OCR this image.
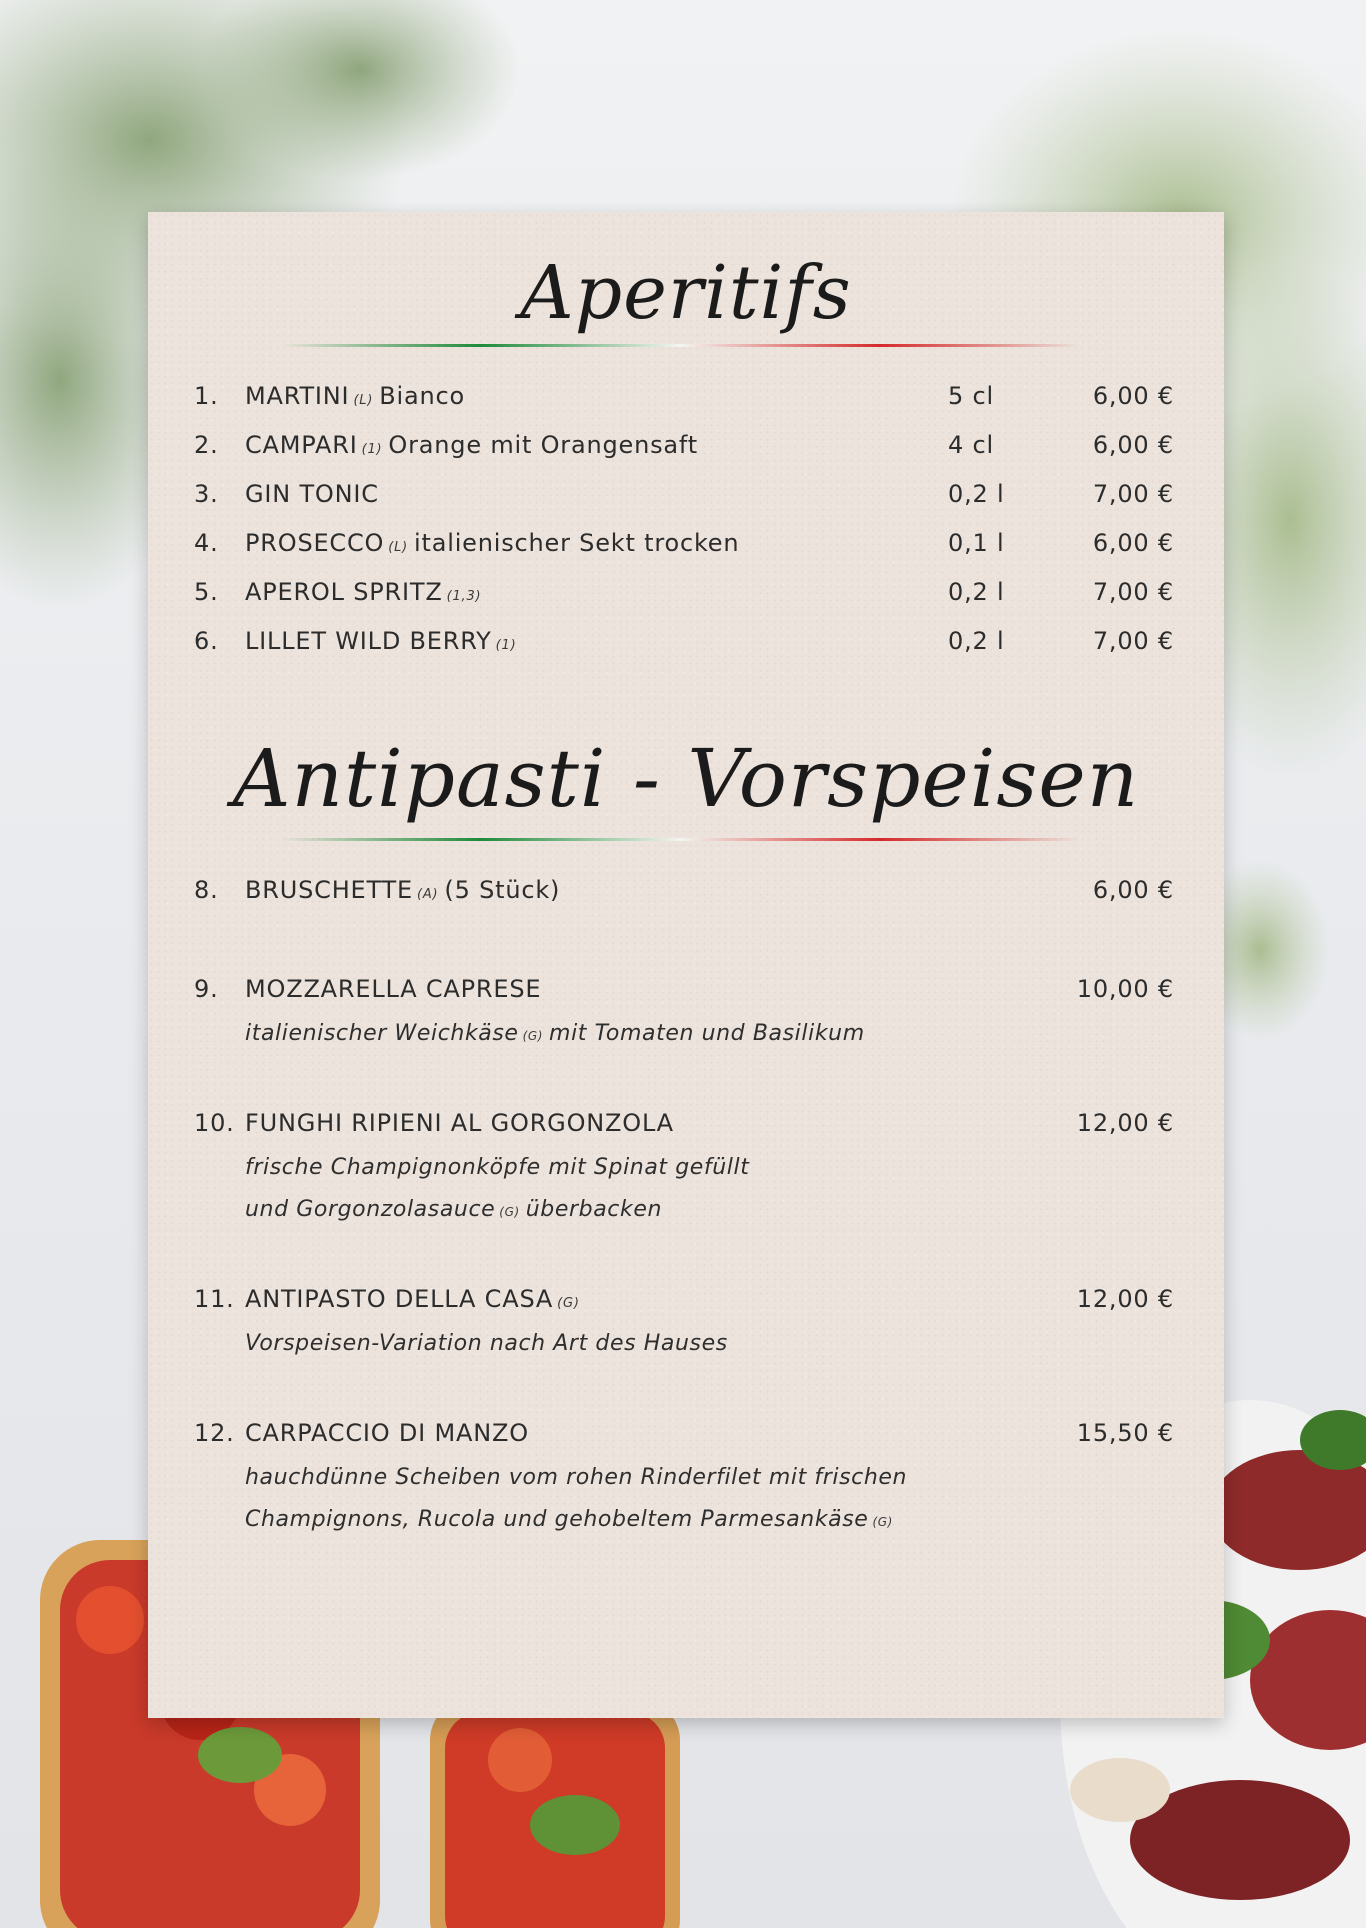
Aperitifs
1. MARTINI (L) Bianco	5 cl	6,00 €
2. CAMPARI (1) Orange mit Orangensaft	4 cl	6,00 €
3. GIN TONIC	0,2 l	7,00 €
4. PROSECCO (L) italienischer Sekt trocken	0,1 l	6,00 €
5. APEROL SPRITZ (1,3)	0,2 l	7,00 €
6. LILLET WILD BERRY (1)	0,2 l	7,00 €
Antipasti - Vorspeisen
8. BRUSCHETTE (A) (5 Stück)	6,00 €
9. MOZZARELLA CAPRESE	10,00 €
italienischer Weichkäse (G) mit Tomaten und Basilikum
10. FUNGHI RIPIENI AL GORGONZOLA	12,00 €
frische Champignonköpfe mit Spinat gefüllt
und Gorgonzolasauce (G) überbacken
11. ANTIPASTO DELLA CASA (G)	12,00 €
Vorspeisen-Variation nach Art des Hauses
12. CARPACCIO DI MANZO	15,50 €
hauchdünne Scheiben vom rohen Rinderfilet mit frischen
Champignons, Rucola und gehobeltem Parmesankäse (G)
